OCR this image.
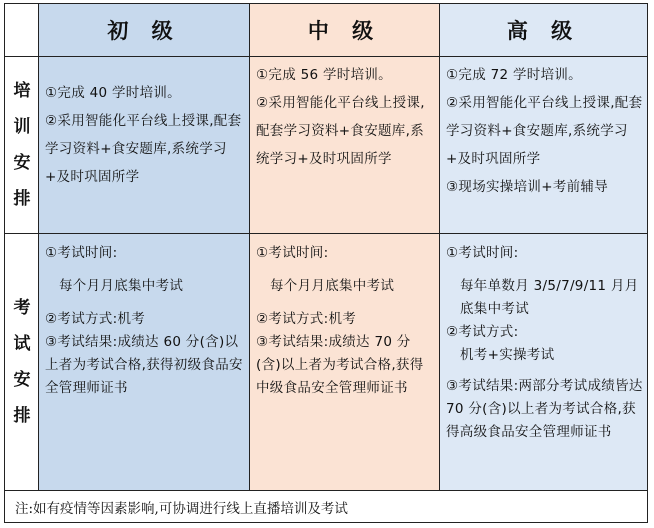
初 级	中 级	高 级
培
训
安
排
考
试
安
排

①完成 40 学时培训。

②采用智能化平台线上授课,配套学习资料+食安题库,系统学习+及时巩固所学

①完成 56 学时培训。

②采用智能化平台线上授课,配套学习资料+食安题库,系统学习+及时巩固所学

①完成 72 学时培训。

②采用智能化平台线上授课,配套学习资料+食安题库,系统学习+及时巩固所学

③现场实操培训+考前辅导

①考试时间:

每个月月底集中考试

②考试方式:机考

③考试结果:成绩达 60 分(含)以上者为考试合格,获得初级食品安全管理师证书

①考试时间:

每个月月底集中考试

②考试方式:机考

③考试结果:成绩达 70 分(含)以上者为考试合格,获得中级食品安全管理师证书

①考试时间:

每年单数月 3/5/7/9/11 月月底集中考试

②考试方式:

机考+实操考试

③考试结果:两部分考试成绩皆达 70 分(含)以上者为考试合格,获得高级食品安全管理师证书

注:如有疫情等因素影响,可协调进行线上直播培训及考试
